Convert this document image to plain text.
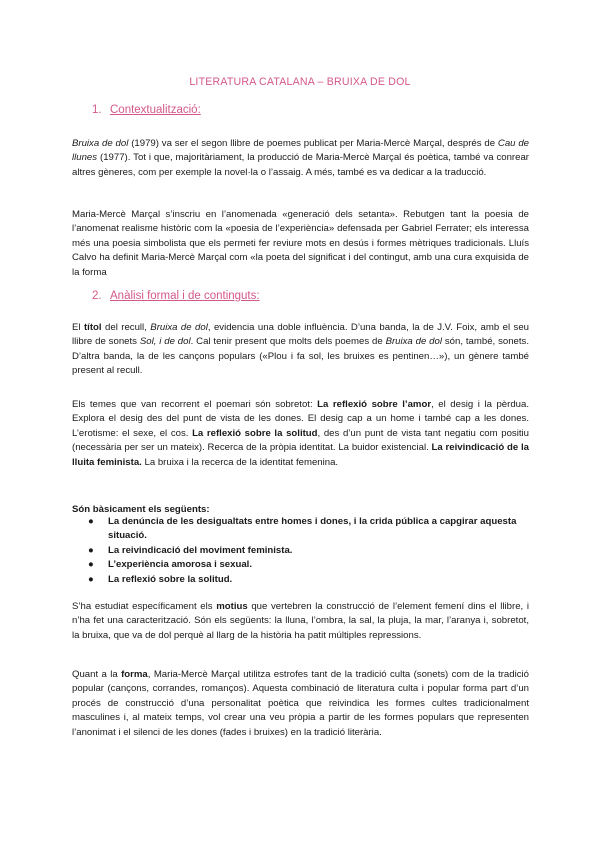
LITERATURA CATALANA – BRUIXA DE DOL
1. Contextualització:
Bruixa de dol (1979) va ser el segon llibre de poemes publicat per Maria-Mercè Marçal, després de Cau de llunes (1977). Tot i que, majoritàriament, la producció de Maria-Mercè Marçal és poètica, també va conrear altres gèneres, com per exemple la novel·la o l’assaig. A més, també es va dedicar a la traducció.
Maria-Mercè Marçal s’inscriu en l’anomenada «generació dels setanta». Rebutgen tant la poesia de l’anomenat realisme històric com la «poesia de l’experiència» defensada per Gabriel Ferrater; els interessa més una poesia simbolista que els permeti fer reviure mots en desús i formes mètriques tradicionals. Lluís Calvo ha definit Maria-Mercè Marçal com «la poeta del significat i del contingut, amb una cura exquisida de la forma
2. Anàlisi formal i de continguts:
El títol del recull, Bruixa de dol, evidencia una doble influència. D’una banda, la de J.V. Foix, amb el seu llibre de sonets Sol, i de dol. Cal tenir present que molts dels poemes de Bruixa de dol són, també, sonets. D’altra banda, la de les cançons populars («Plou i fa sol, les bruixes es pentinen…»), un gènere també present al recull.
Els temes que van recorrent el poemari són sobretot: La reflexió sobre l’amor, el desig i la pèrdua. Explora el desig des del punt de vista de les dones. El desig cap a un home i també cap a les dones. L’erotisme: el sexe, el cos. La reflexió sobre la solitud, des d’un punt de vista tant negatiu com positiu (necessària per ser un mateix). Recerca de la pròpia identitat. La buidor existencial. La reivindicació de la lluita feminista. La bruixa i la recerca de la identitat femenina.
Són bàsicament els següents:
● La denúncia de les desigualtats entre homes i dones, i la crida pública a capgirar aquesta situació.
● La reivindicació del moviment feminista.
● L’experiència amorosa i sexual.
● La reflexió sobre la solitud.
S’ha estudiat específicament els motius que vertebren la construcció de l’element femení dins el llibre, i n’ha fet una caracterització. Són els següents: la lluna, l’ombra, la sal, la pluja, la mar, l’aranya i, sobretot, la bruixa, que va de dol perquè al llarg de la història ha patit múltiples repressions.
Quant a la forma, Maria-Mercè Marçal utilitza estrofes tant de la tradició culta (sonets) com de la tradició popular (cançons, corrandes, romanços). Aquesta combinació de literatura culta i popular forma part d’un procés de construcció d’una personalitat poètica que reivindica les formes cultes tradicionalment masculines i, al mateix temps, vol crear una veu pròpia a partir de les formes populars que representen l’anonimat i el silenci de les dones (fades i bruixes) en la tradició literària.
